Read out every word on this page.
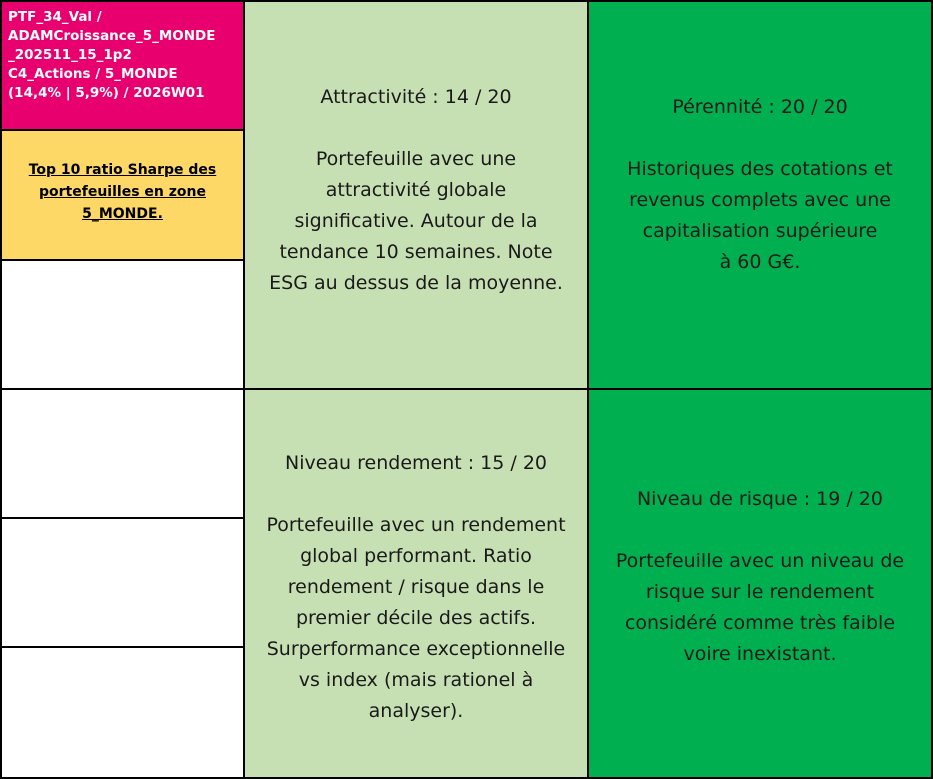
PTF_34_Val /
ADAMCroissance_5_MONDE
_202511_15_1p2
C4_Actions / 5_MONDE
(14,4% | 5,9%) / 2026W01
Top 10 ratio Sharpe des
portefeuilles en zone
5_MONDE.
Attractivité : 14 / 20
Portefeuille avec une
attractivité globale
significative. Autour de la
tendance 10 semaines. Note
ESG au dessus de la moyenne.
Pérennité : 20 / 20
Historiques des cotations et
revenus complets avec une
capitalisation supérieure
à 60 G€.
Niveau rendement : 15 / 20
Portefeuille avec un rendement
global performant. Ratio
rendement / risque dans le
premier décile des actifs.
Surperformance exceptionnelle
vs index (mais rationel à
analyser).
Niveau de risque : 19 / 20
Portefeuille avec un niveau de
risque sur le rendement
considéré comme très faible
voire inexistant.
